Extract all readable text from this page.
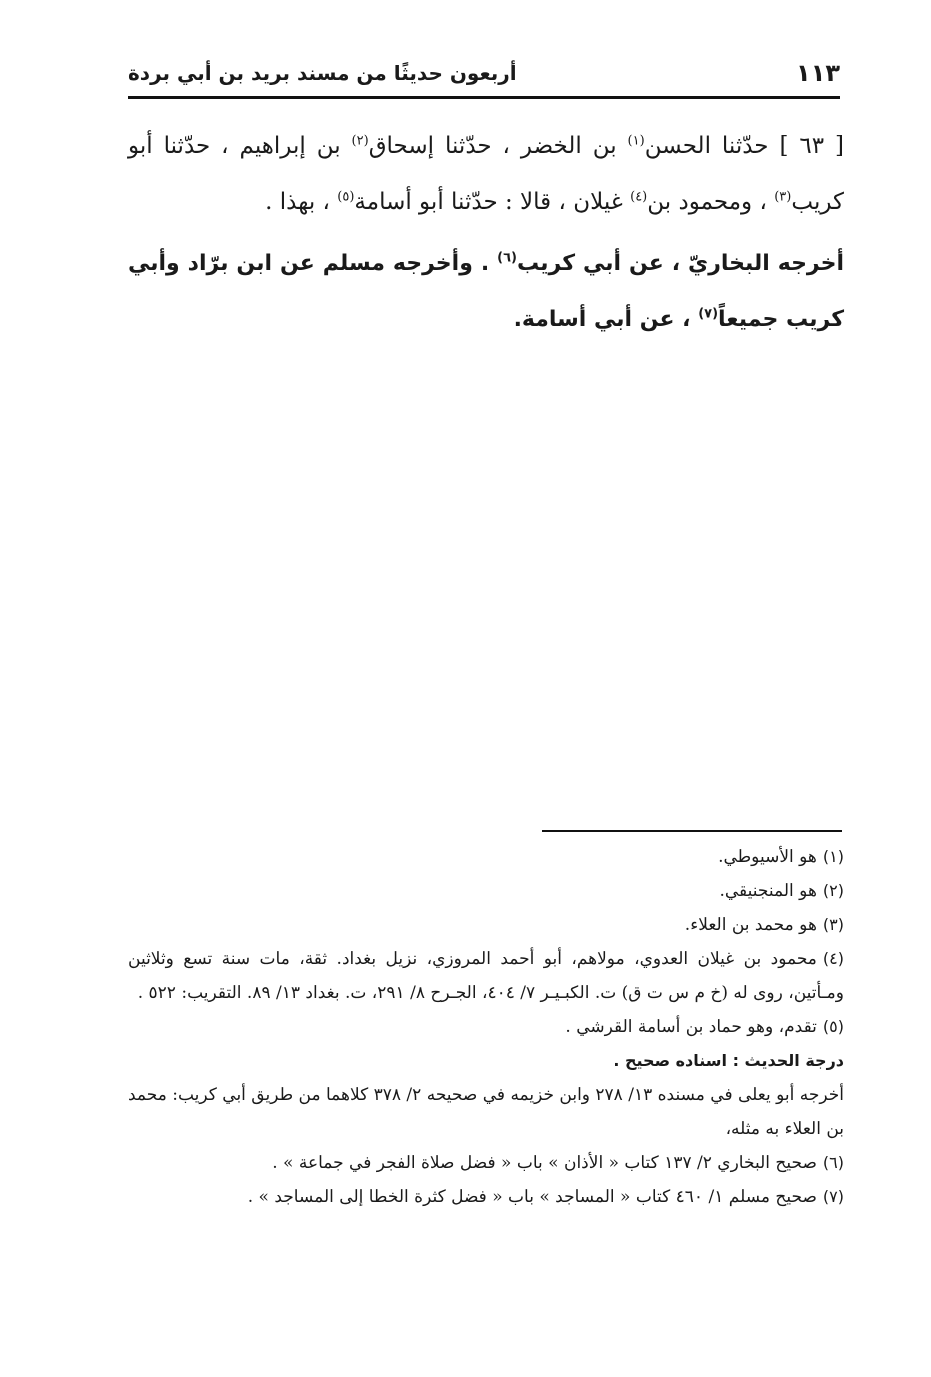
١١٣
أربعون حديثًا من مسند بريد بن أبي بردة

[ ٦٣ ] حدّثنا الحسن$^{(١)}$ بن الخضر ، حدّثنا إسحاق$^{(٢)}$ بن إبراهيم ، حدّثنا أبو كريب$^{(٣)}$ ، ومحمود بن$^{(٤)}$ غيلان ، قالا : حدّثنا أبو أسامة$^{(٥)}$ ، بهذا .

أخرجه البخاريّ ، عن أبي كريب$^{(٦)}$ . وأخرجه مسلم عن ابن برّاد وأبي كريب جميعاً$^{(٧)}$ ، عن أبي أسامة.

(١)هو الأسيوطي.

(٢)هو المنجنيقي.

(٣)هو محمد بن العلاء.

(٤)محمود بن غيلان العدوي، مولاهم، أبو أحمد المروزي، نزيل بغداد. ثقة، مات سنة تسع وثلاثين ومـأتين، روى له (خ م س ت ق) ت. الكبـيـر ٧/ ٤٠٤، الجـرح ٨/ ٢٩١، ت. بغداد ١٣/ ٨٩. التقريب: ٥٢٢ .

(٥)تقدم، وهو حماد بن أسامة القرشي .

درجة الحديث : اسناده صحيح .

أخرجه أبو يعلى في مسنده ١٣/ ٢٧٨ وابن خزيمه في صحيحه ٢/ ٣٧٨ كلاهما من طريق أبي كريب: محمد بن العلاء به مثله،

(٦)صحيح البخاري ٢/ ١٣٧ كتاب « الأذان » باب « فضل صلاة الفجر في جماعة » .

(٧)صحيح مسلم ١/ ٤٦٠ كتاب « المساجد » باب « فضل كثرة الخطا إلى المساجد » .
